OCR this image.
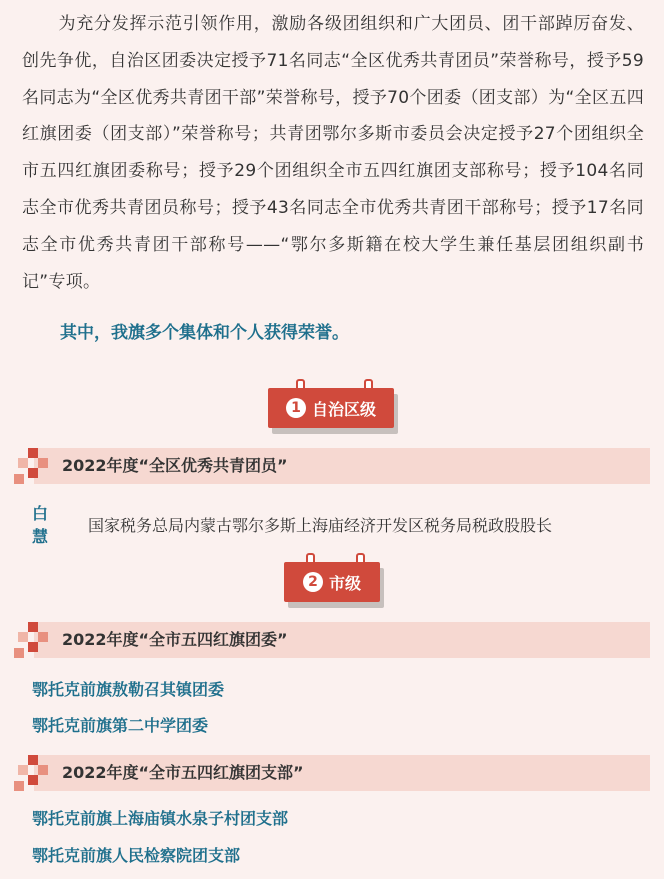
为充分发挥示范引领作用，激励各级团组织和广大团员、团干部踔厉奋发、创先争优，自治区团委决定授予71名同志“全区优秀共青团员”荣誉称号，授予59名同志为“全区优秀共青团干部”荣誉称号，授予70个团委（团支部）为“全区五四红旗团委（团支部）”荣誉称号；共青团鄂尔多斯市委员会决定授予27个团组织全市五四红旗团委称号；授予29个团组织全市五四红旗团支部称号；授予104名同志全市优秀共青团员称号；授予43名同志全市优秀共青团干部称号；授予17名同志全市优秀共青团干部称号——“鄂尔多斯籍在校大学生兼任基层团组织副书记”专项。

其中，我旗多个集体和个人获得荣誉。

1 自治区级
2022年度“全区优秀共青团员”
白慧
国家税务总局内蒙古鄂尔多斯上海庙经济开发区税务局税政股股长
2 市级
2022年度“全市五四红旗团委”

鄂托克前旗敖勒召其镇团委

鄂托克前旗第二中学团委

2022年度“全市五四红旗团支部”

鄂托克前旗上海庙镇水泉子村团支部

鄂托克前旗人民检察院团支部
